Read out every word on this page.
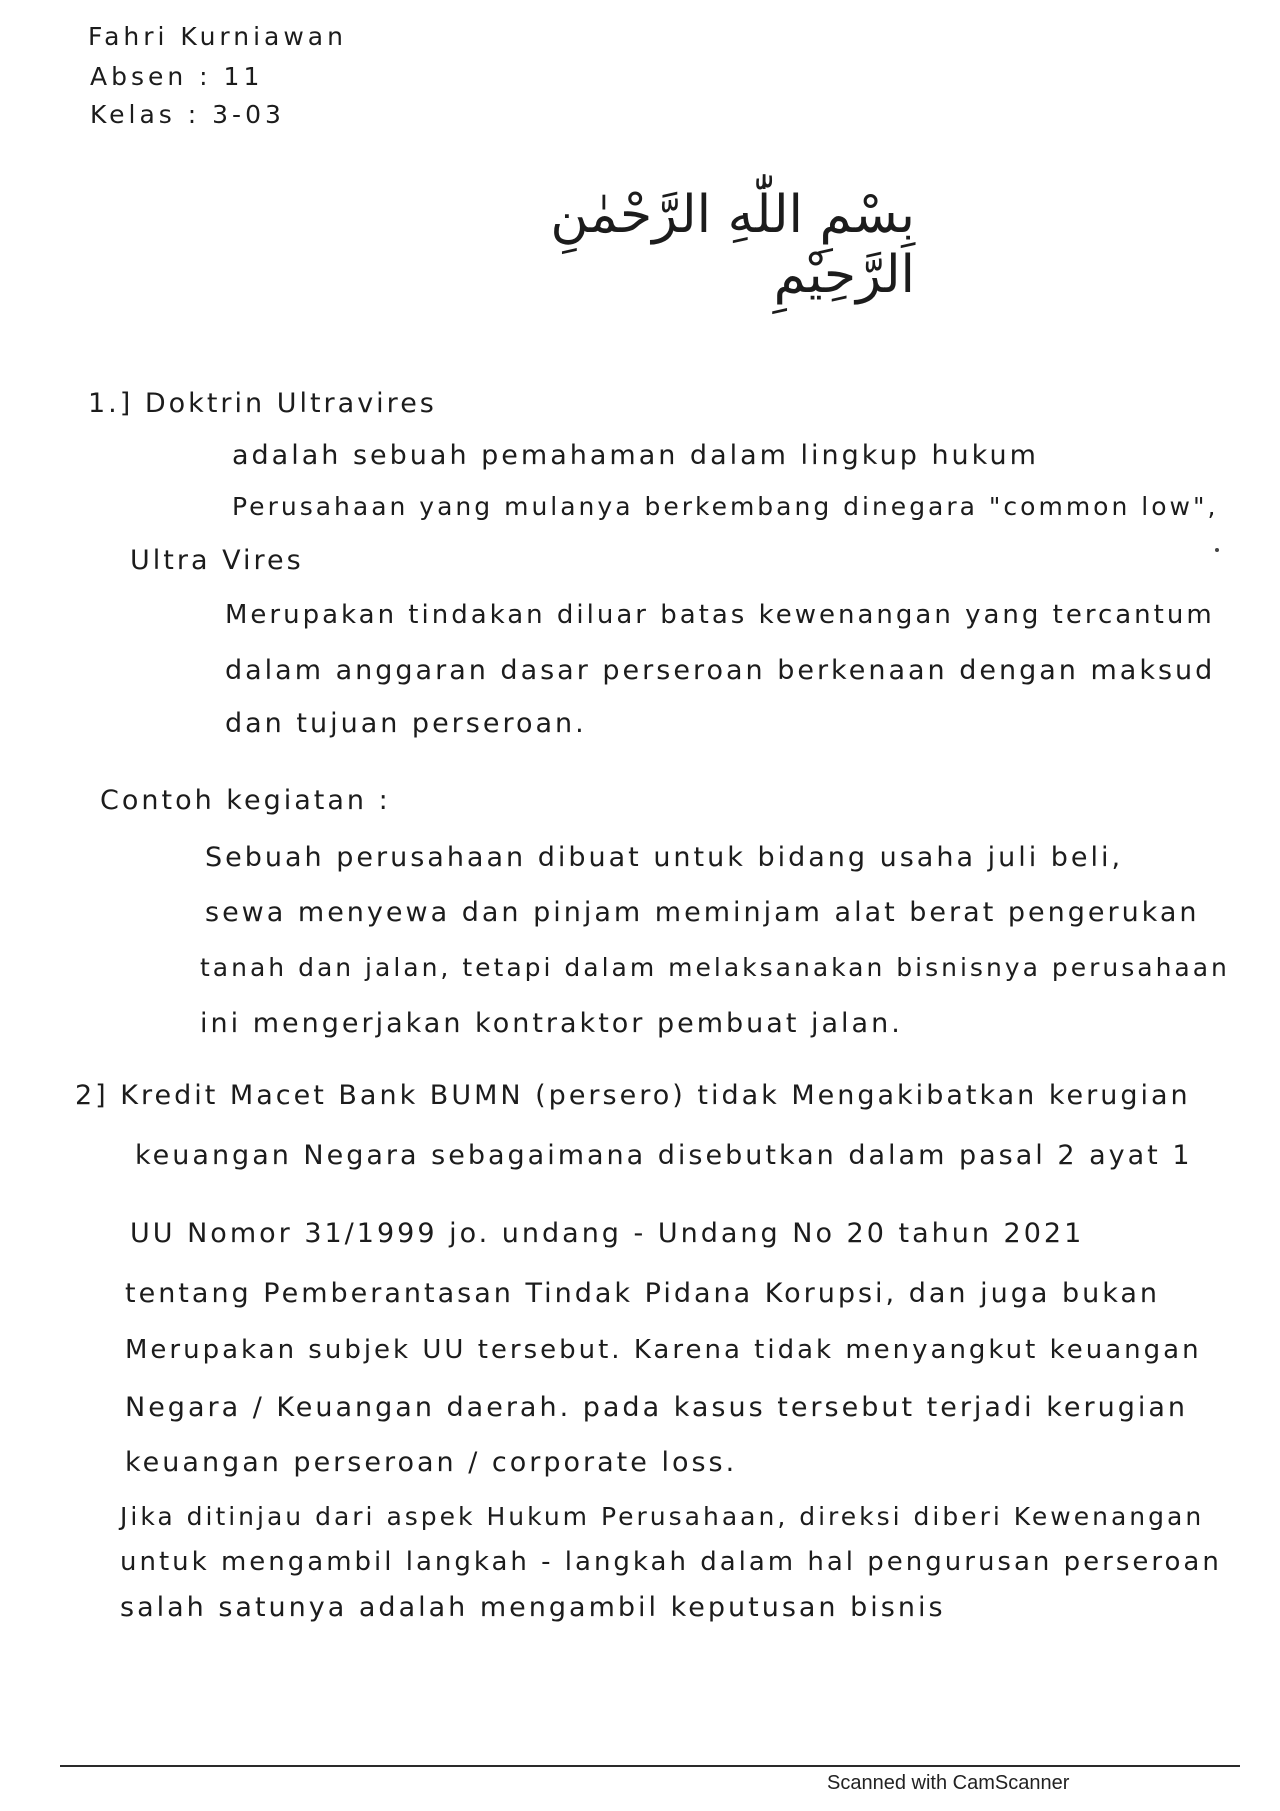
Fahri Kurniawan
Absen : 11
Kelas : 3-03
بِسْمِ اللّٰهِ الرَّحْمٰنِ الرَّحِيْمِ
1.] Doktrin Ultravires
adalah sebuah pemahaman dalam lingkup hukum
Perusahaan yang mulanya berkembang dinegara "common low",
Ultra Vires
Merupakan tindakan diluar batas kewenangan yang tercantum
dalam anggaran dasar perseroan berkenaan dengan maksud
dan tujuan perseroan.
Contoh kegiatan :
Sebuah perusahaan dibuat untuk bidang usaha juli beli,
sewa menyewa dan pinjam meminjam alat berat pengerukan
tanah dan jalan, tetapi dalam melaksanakan bisnisnya perusahaan
ini mengerjakan kontraktor pembuat jalan.
2] Kredit Macet Bank BUMN (persero) tidak Mengakibatkan kerugian
keuangan Negara sebagaimana disebutkan dalam pasal 2 ayat 1
UU Nomor 31/1999 jo. undang - Undang No 20 tahun 2021
tentang Pemberantasan Tindak Pidana Korupsi, dan juga bukan
Merupakan subjek UU tersebut. Karena tidak menyangkut keuangan
Negara / Keuangan daerah. pada kasus tersebut terjadi kerugian
keuangan perseroan / corporate loss.
Jika ditinjau dari aspek Hukum Perusahaan, direksi diberi Kewenangan
untuk mengambil langkah - langkah dalam hal pengurusan perseroan
salah satunya adalah mengambil keputusan bisnis
Scanned with CamScanner
